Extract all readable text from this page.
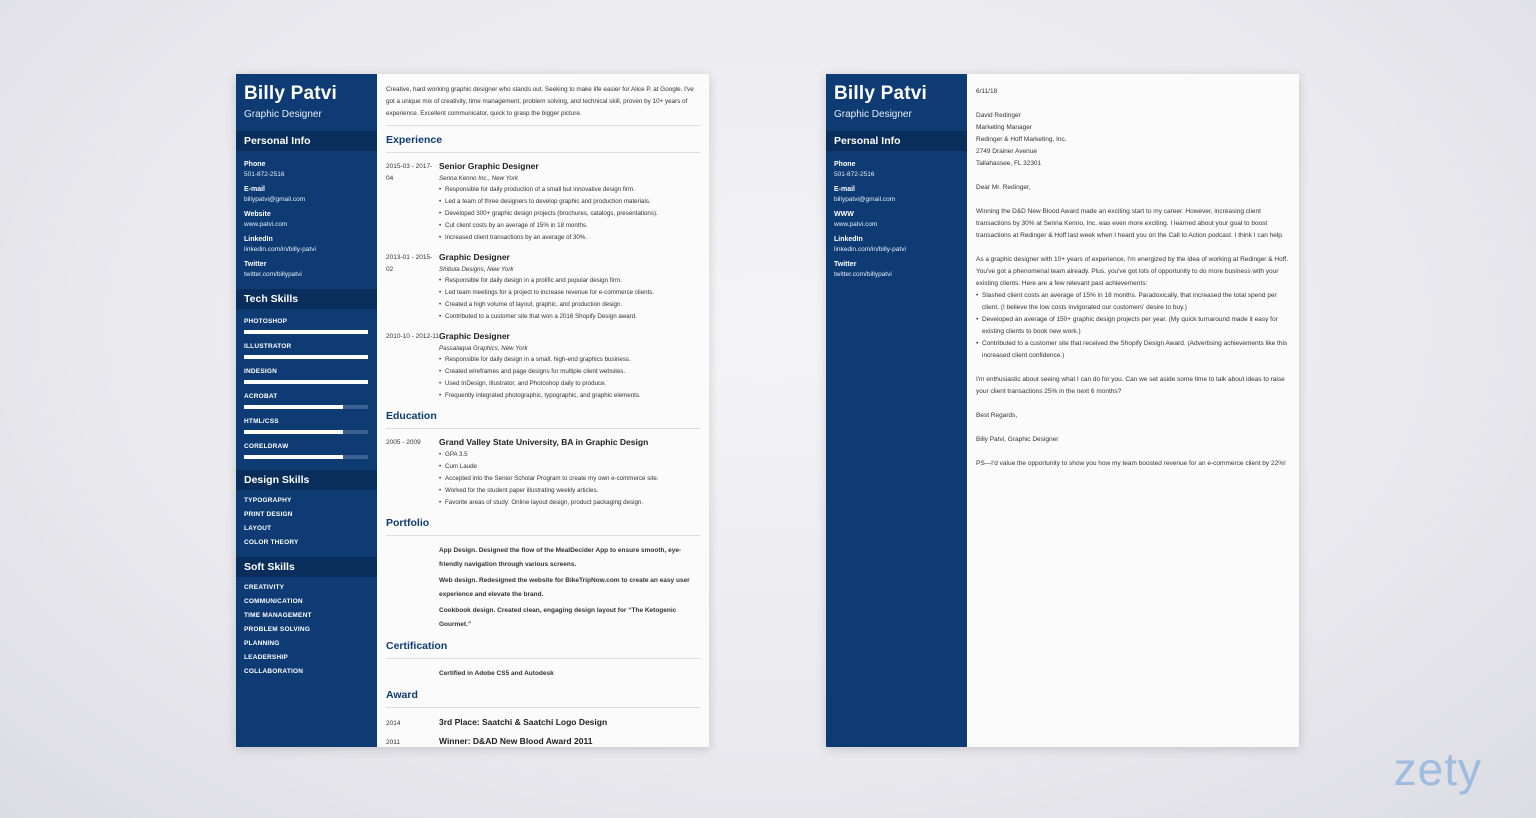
Billy Patvi
Graphic Designer
Personal Info
Phone
501-872-2516
E-mail
billypatvi@gmail.com
Website
www.patvi.com
LinkedIn
linkedin.com/in/billy-patvi
Twitter
twitter.com/billypatvi
Tech Skills
PHOTOSHOP
ILLUSTRATOR
INDESIGN
ACROBAT
HTML/CSS
CORELDRAW
Design Skills
TYPOGRAPHY
PRINT DESIGN
LAYOUT
COLOR THEORY
Soft Skills
CREATIVITY
COMMUNICATION
TIME MANAGEMENT
PROBLEM SOLVING
PLANNING
LEADERSHIP
COLLABORATION
Creative, hard working graphic designer who stands out. Seeking to make life easier for Alice P. at Google. I've got a unique mix of creativity, time management, problem solving, and technical skill, proven by 10+ years of experience. Excellent communicator, quick to grasp the bigger picture.
Experience
2015-03 - 2017-04
Senior Graphic Designer
Senna Kenno Inc., New York
• Responsible for daily production of a small but innovative design firm.
• Led a team of three designers to develop graphic and production materials.
• Developed 300+ graphic design projects (brochures, catalogs, presentations).
• Cut client costs by an average of 15% in 18 months.
• Increased client transactions by an average of 30%.
2013-01 - 2015-02
Graphic Designer
Shibula Designs, New York
• Responsible for daily design in a prolific and popular design firm.
• Led team meetings for a project to increase revenue for e-commerce clients.
• Created a high volume of layout, graphic, and production design.
• Contributed to a customer site that won a 2016 Shopify Design award.
2010-10 - 2012-11 Graphic Designer
Passalaqua Graphics, New York
• Responsible for daily design in a small, high-end graphics business.
• Created wireframes and page designs for multiple client websites.
• Used InDesign, Illustrator, and Photoshop daily to produce.
• Frequently integrated photographic, typographic, and graphic elements.
Education
2005 - 2009	Grand Valley State University, BA in Graphic Design
• GPA 3.5
• Cum Laude
• Accepted into the Senior Scholar Program to create my own e-commerce site.
• Worked for the student paper illustrating weekly articles.
• Favorite areas of study: Online layout design, product packaging design.
Portfolio
App Design. Designed the flow of the MealDecider App to ensure smooth, eye-friendly navigation through various screens.
Web design. Redesigned the website for BikeTripNow.com to create an easy user experience and elevate the brand.
Cookbook design. Created clean, engaging design layout for “The Ketogenic Gourmet.”
Certification
Certified in Adobe CS5 and Autodesk
Award
2014	3rd Place: Saatchi & Saatchi Logo Design
2011	Winner: D&AD New Blood Award 2011
Billy Patvi
Graphic Designer
Personal Info
Phone
501-872-2516
E-mail
billypatvi@gmail.com
WWW
www.patvi.com
LinkedIn
linkedin.com/in/billy-patvi
Twitter
twitter.com/billypatvi
6/11/18
David Redinger
Marketing Manager
Redinger & Hoff Marketing, Inc.
2749 Drainer Avenue
Tallahassee, FL 32301
Dear Mr. Redinger,
Winning the D&D New Blood Award made an exciting start to my career. However, increasing client transactions by 30% at Senna Kenno, Inc. was even more exciting. I learned about your goal to boost transactions at Redinger & Hoff last week when I heard you on the Call to Action podcast. I think I can help.
As a graphic designer with 10+ years of experience, I'm energized by the idea of working at Redinger & Hoff. You've got a phenomenal team already. Plus, you've got lots of opportunity to do more business with your existing clients. Here are a few relevant past achievements:
• Slashed client costs an average of 15% in 18 months. Paradoxically, that increased the total spend per client. (I believe the low costs invigorated our customers' desire to buy.)
• Developed an average of 150+ graphic design projects per year. (My quick turnaround made it easy for existing clients to book new work.)
• Contributed to a customer site that received the Shopify Design Award. (Advertising achievements like this increased client confidence.)
I'm enthusiastic about seeing what I can do for you. Can we set aside some time to talk about ideas to raise your client transactions 25% in the next 6 months?
Best Regards,
Billy Patvi, Graphic Designer
PS—I'd value the opportunity to show you how my team boosted revenue for an e-commerce client by 22%!
zety
